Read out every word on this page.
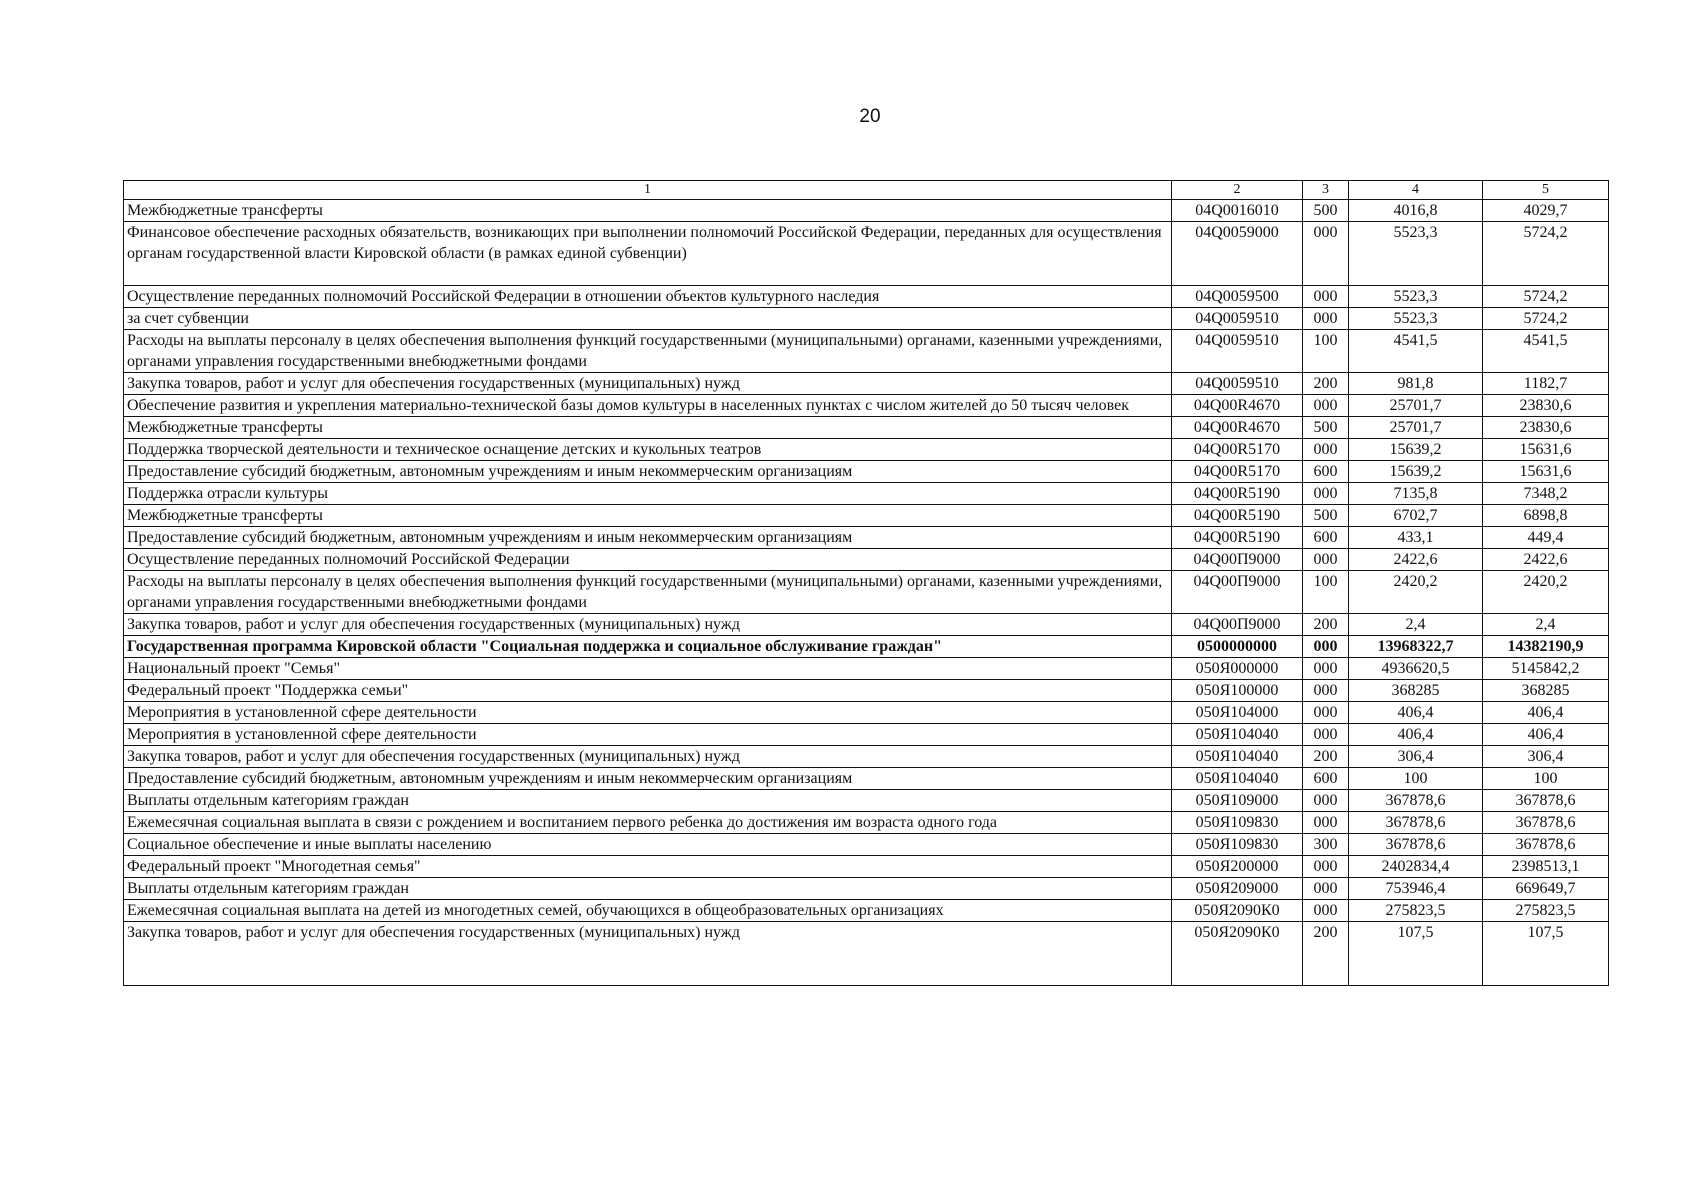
20
1	2	3	4	5
Межбюджетные трансферты	04Q0016010	500	4016,8	4029,7
Финансовое обеспечение расходных обязательств, возникающих при выполнении полномочий Российской Федерации, переданных для осуществления органам государственной власти Кировской области (в рамках единой субвенции)	04Q0059000	000	5523,3	5724,2
Осуществление переданных полномочий Российской Федерации в отношении объектов культурного наследия	04Q0059500	000	5523,3	5724,2
за счет субвенции	04Q0059510	000	5523,3	5724,2
Расходы на выплаты персоналу в целях обеспечения выполнения функций государственными (муниципальными) органами, казенными учреждениями, органами управления государственными внебюджетными фондами	04Q0059510	100	4541,5	4541,5
Закупка товаров, работ и услуг для обеспечения государственных (муниципальных) нужд	04Q0059510	200	981,8	1182,7
Обеспечение развития и укрепления материально-технической базы домов культуры в населенных пунктах с числом жителей до 50 тысяч человек	04Q00R4670	000	25701,7	23830,6
Межбюджетные трансферты	04Q00R4670	500	25701,7	23830,6
Поддержка творческой деятельности и техническое оснащение детских и кукольных театров	04Q00R5170	000	15639,2	15631,6
Предоставление субсидий бюджетным, автономным учреждениям и иным некоммерческим организациям	04Q00R5170	600	15639,2	15631,6
Поддержка отрасли культуры	04Q00R5190	000	7135,8	7348,2
Межбюджетные трансферты	04Q00R5190	500	6702,7	6898,8
Предоставление субсидий бюджетным, автономным учреждениям и иным некоммерческим организациям	04Q00R5190	600	433,1	449,4
Осуществление переданных полномочий Российской Федерации	04Q00П9000	000	2422,6	2422,6
Расходы на выплаты персоналу в целях обеспечения выполнения функций государственными (муниципальными) органами, казенными учреждениями, органами управления государственными внебюджетными фондами	04Q00П9000	100	2420,2	2420,2
Закупка товаров, работ и услуг для обеспечения государственных (муниципальных) нужд	04Q00П9000	200	2,4	2,4
Государственная программа Кировской области "Социальная поддержка и социальное обслуживание граждан"	0500000000	000	13968322,7	14382190,9
Национальный проект "Семья"	050Я000000	000	4936620,5	5145842,2
Федеральный проект "Поддержка семьи"	050Я100000	000	368285	368285
Мероприятия в установленной сфере деятельности	050Я104000	000	406,4	406,4
Мероприятия в установленной сфере деятельности	050Я104040	000	406,4	406,4
Закупка товаров, работ и услуг для обеспечения государственных (муниципальных) нужд	050Я104040	200	306,4	306,4
Предоставление субсидий бюджетным, автономным учреждениям и иным некоммерческим организациям	050Я104040	600	100	100
Выплаты отдельным категориям граждан	050Я109000	000	367878,6	367878,6
Ежемесячная социальная выплата в связи с рождением и воспитанием первого ребенка до достижения им возраста одного года	050Я109830	000	367878,6	367878,6
Социальное обеспечение и иные выплаты населению	050Я109830	300	367878,6	367878,6
Федеральный проект "Многодетная семья"	050Я200000	000	2402834,4	2398513,1
Выплаты отдельным категориям граждан	050Я209000	000	753946,4	669649,7
Ежемесячная социальная выплата на детей из многодетных семей, обучающихся в общеобразовательных организациях	050Я2090К0	000	275823,5	275823,5
Закупка товаров, работ и услуг для обеспечения государственных (муниципальных) нужд	050Я2090К0	200	107,5	107,5
